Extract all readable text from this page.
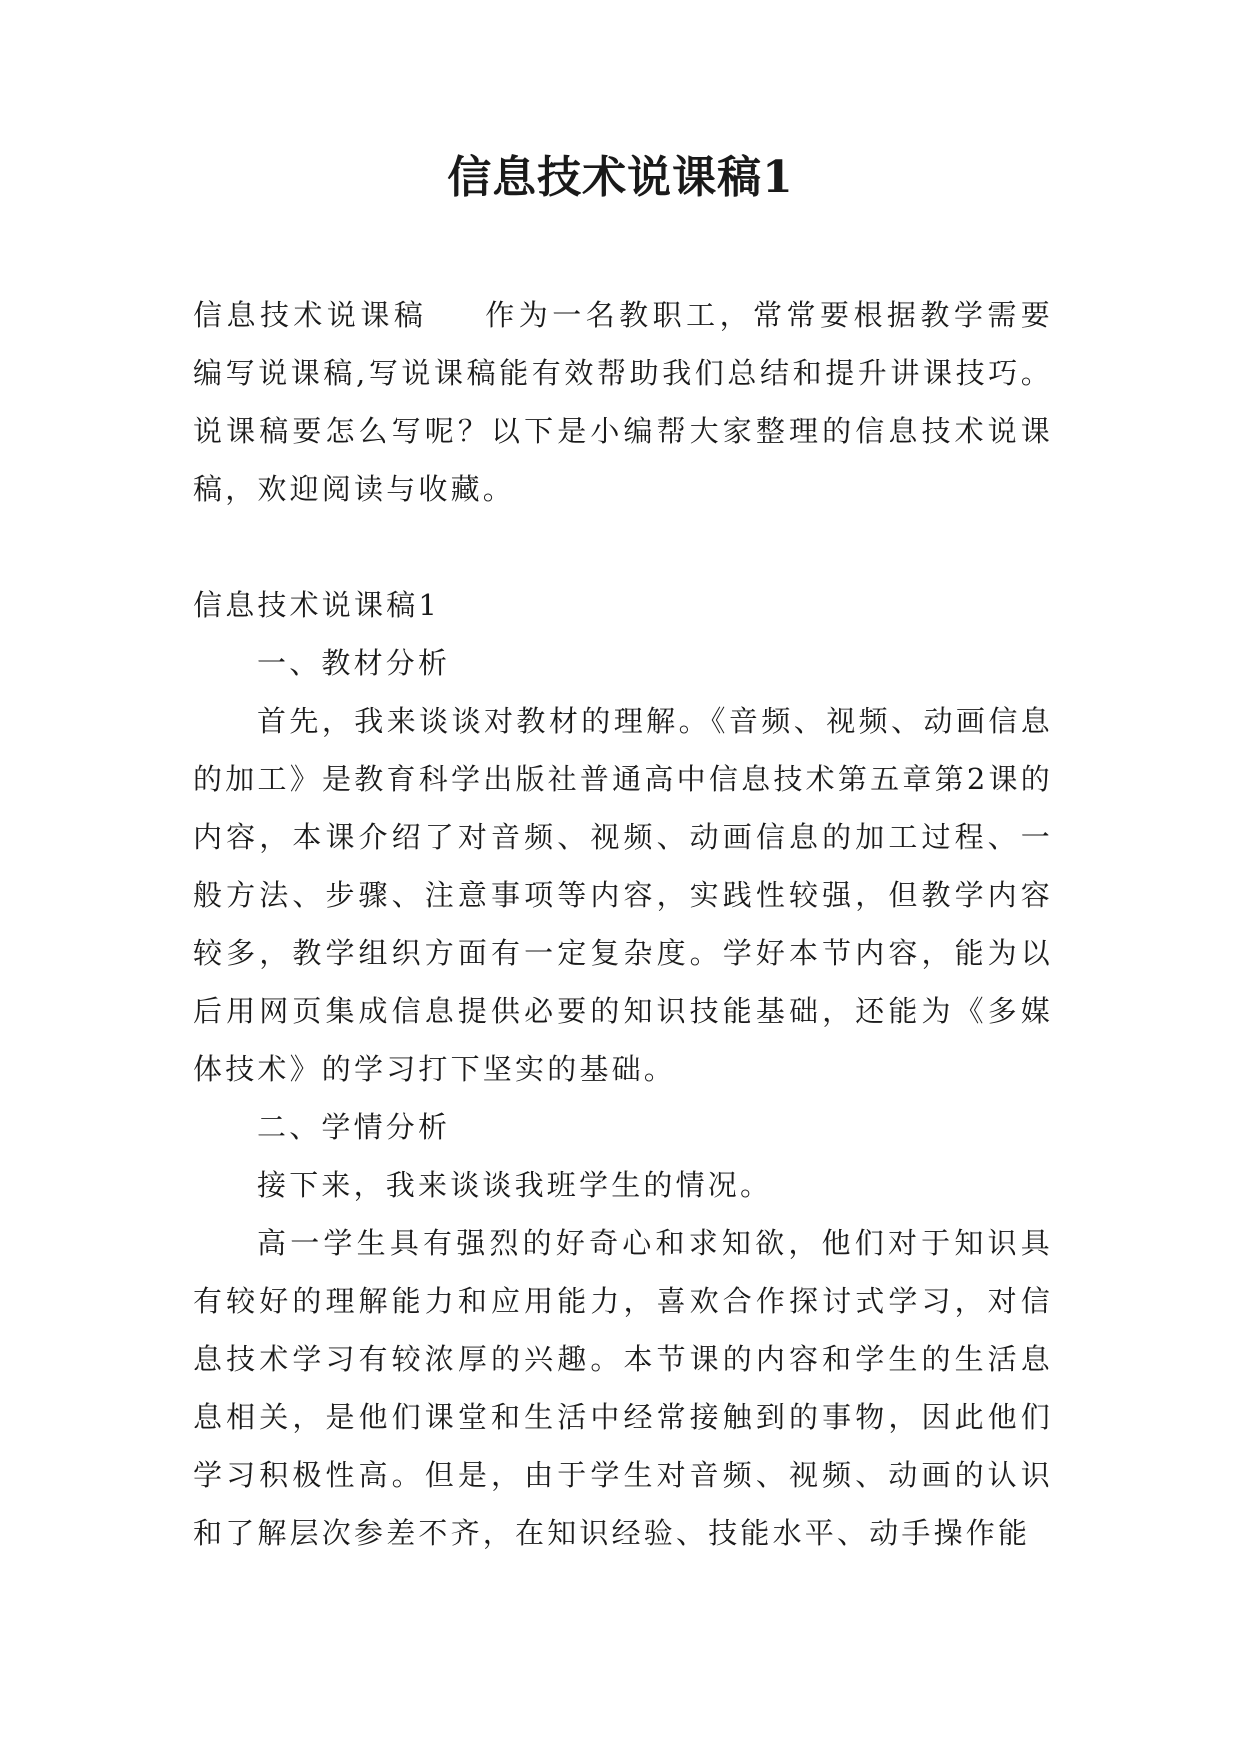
信息技术说课稿1

信息技术说课稿 作为一名教职工，常常要根据教学需要编写说课稿,写说课稿能有效帮助我们总结和提升讲课技巧。说课稿要怎么写呢？以下是小编帮大家整理的信息技术说课稿，欢迎阅读与收藏。

信息技术说课稿1

一、教材分析

首先，我来谈谈对教材的理解。《音频、视频、动画信息的加工》是教育科学出版社普通高中信息技术第五章第2课的内容，本课介绍了对音频、视频、动画信息的加工过程、一般方法、步骤、注意事项等内容，实践性较强，但教学内容较多，教学组织方面有一定复杂度。学好本节内容，能为以后用网页集成信息提供必要的知识技能基础，还能为《多媒体技术》的学习打下坚实的基础。

二、学情分析

接下来，我来谈谈我班学生的情况。

高一学生具有强烈的好奇心和求知欲，他们对于知识具有较好的理解能力和应用能力，喜欢合作探讨式学习，对信息技术学习有较浓厚的兴趣。本节课的内容和学生的生活息息相关，是他们课堂和生活中经常接触到的事物，因此他们学习积极性高。但是，由于学生对音频、视频、动画的认识和了解层次参差不齐，在知识经验、技能水平、动手操作能
